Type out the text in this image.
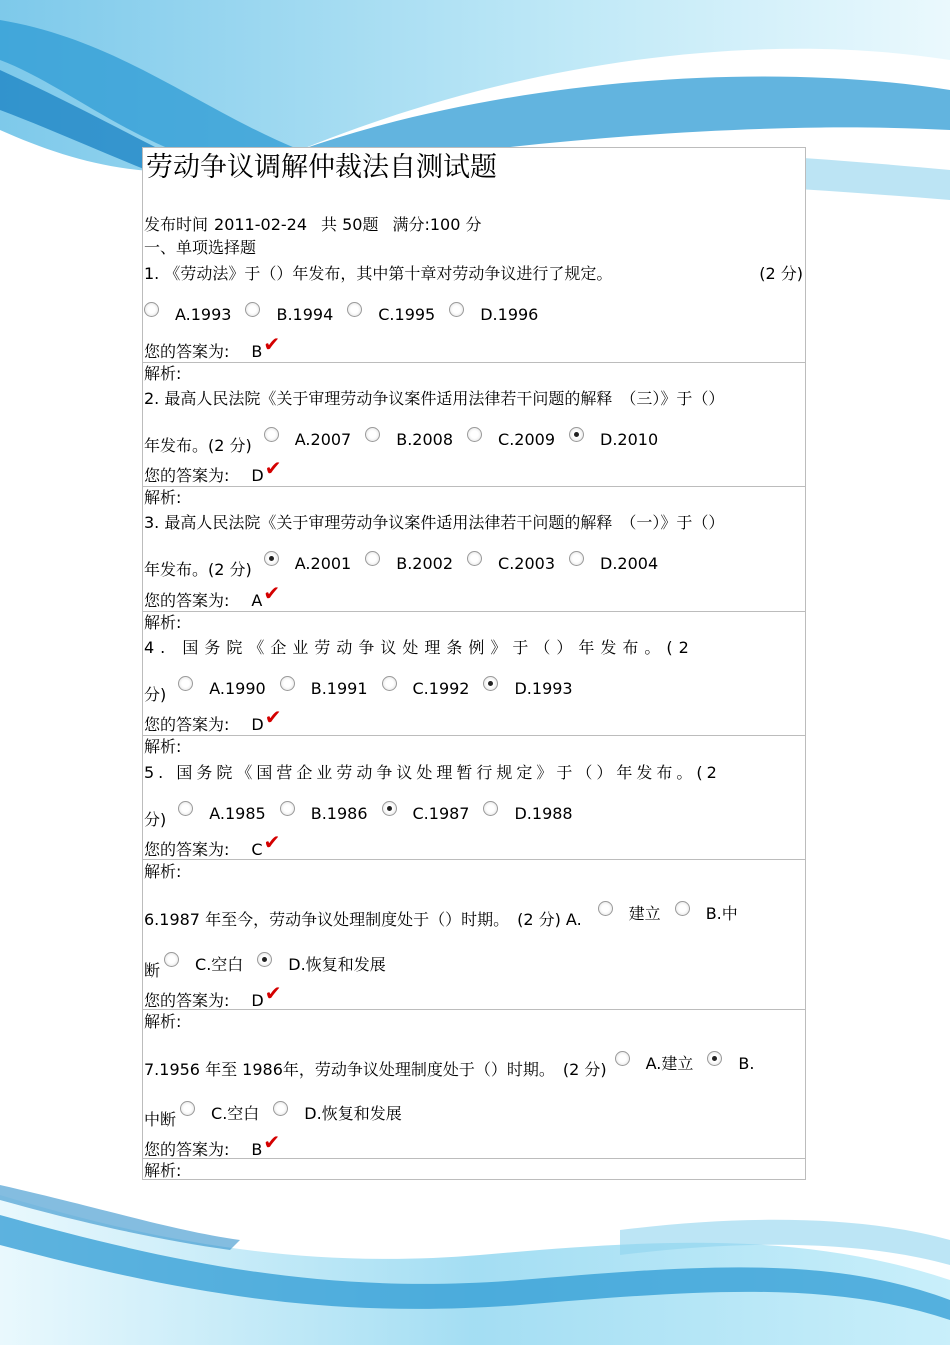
劳动争议调解仲裁法自测试题
发布时间 2011-02-24 共 50题 满分:100 分
一、单项选择题
1. 《劳动法》于（）年发布，其中第十章对劳动争议进行了规定。	(2 分)
A.1993	B.1994	C.1995	D.1996
您的答案为: B✔
解析:
2. 最高人民法院《关于审理劳动争议案件适用法律若干问题的解释　（三）》于（）
年发布。(2 分)	A.2007	B.2008	C.2009	D.2010
您的答案为: D✔
解析:
3. 最高人民法院《关于审理劳动争议案件适用法律若干问题的解释　（一）》于（）
年发布。(2 分)	A.2001	B.2002	C.2003	D.2004
您的答案为: A✔
解析:
4. 国务院《企业劳动争议处理条例》于（）年发布。(2
分)	A.1990	B.1991	C.1992	D.1993
您的答案为: D✔
解析:
5. 国务院《国营企业劳动争议处理暂行规定》于（）年发布。(2
分)	A.1985	B.1986	C.1987	D.1988
您的答案为: C✔
解析:
6.1987 年至今，劳动争议处理制度处于（）时期。　(2 分) A.	建立	B.中
断 C.空白	D.恢复和发展
您的答案为: D✔
解析:
7.1956 年至 1986年，劳动争议处理制度处于（）时期。　(2 分) A.建立	B.
中断 C.空白	D.恢复和发展
您的答案为: B✔
解析:
